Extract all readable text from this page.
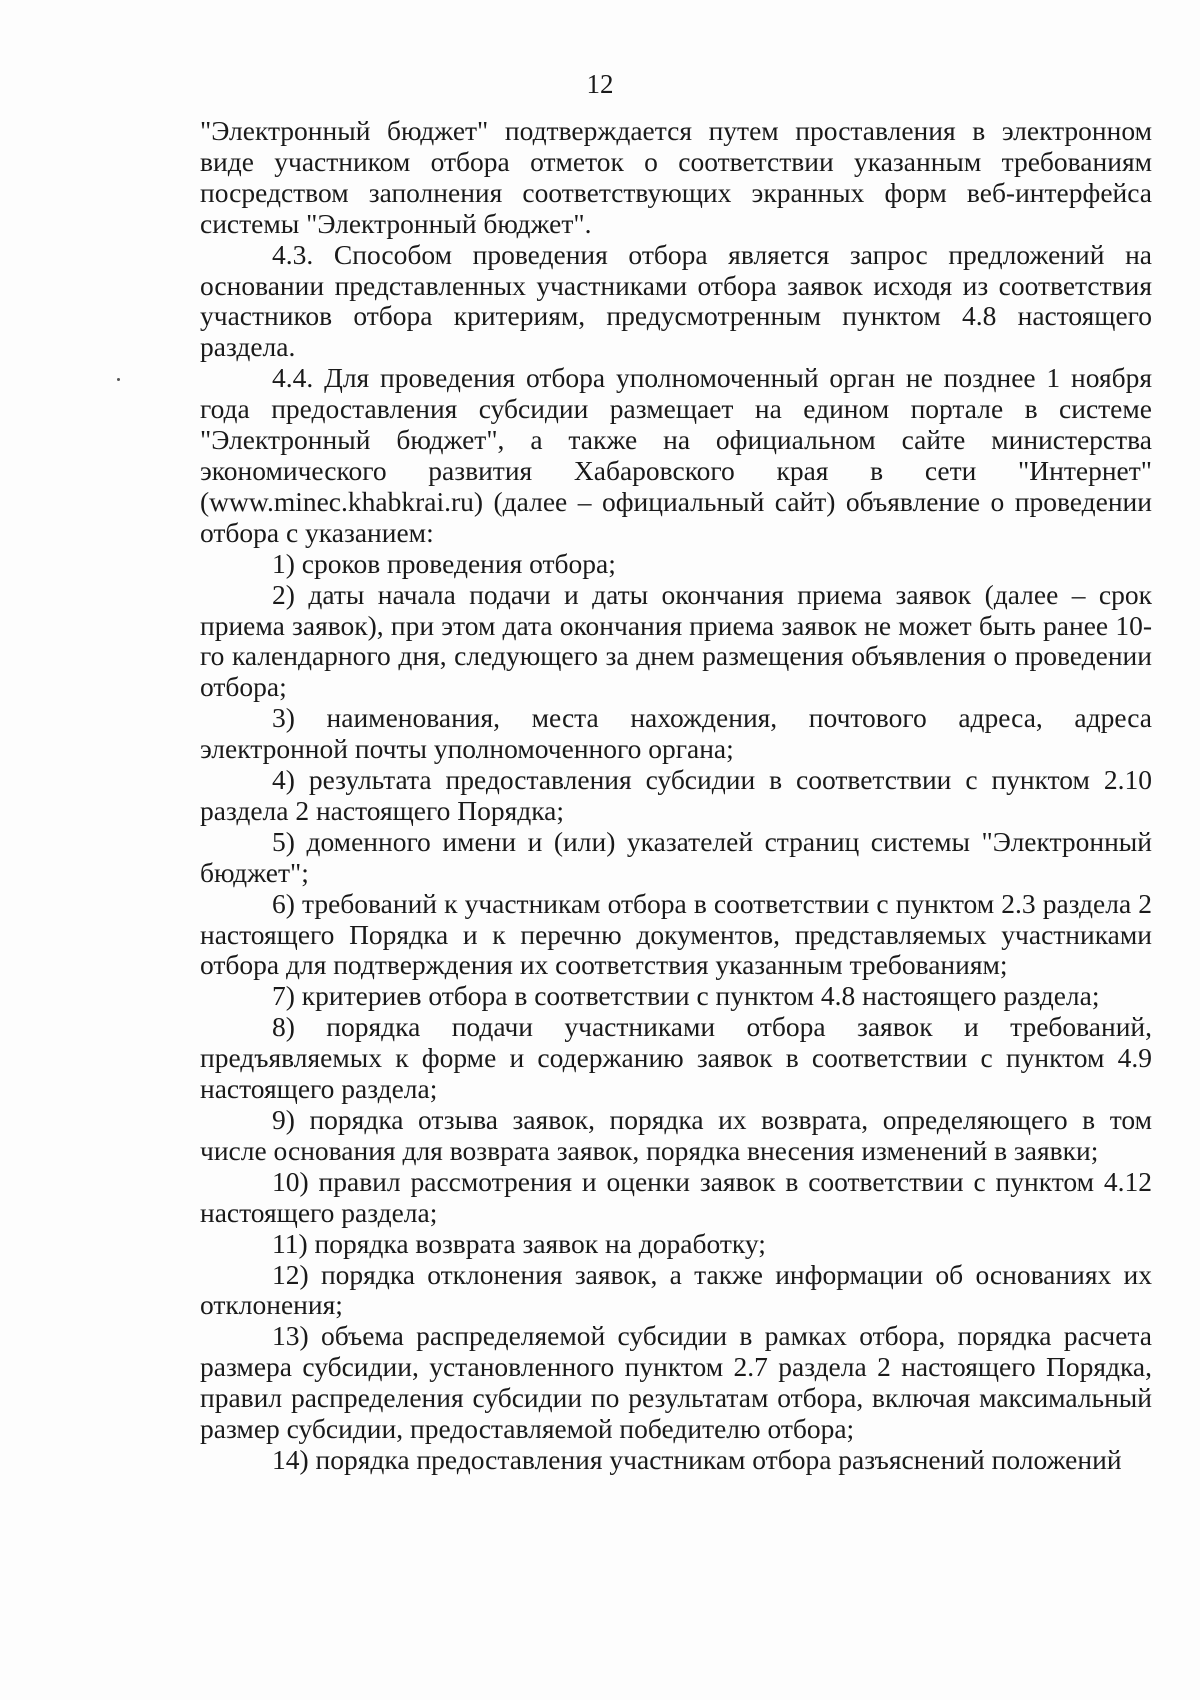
12

"Электронный бюджет" подтверждается путем проставления в электронном виде участником отбора отметок о соответствии указанным требованиям посредством заполнения соответствующих экранных форм веб-интерфейса системы "Электронный бюджет".

4.3. Способом проведения отбора является запрос предложений на основании представленных участниками отбора заявок исходя из соответствия участников отбора критериям, предусмотренным пунктом 4.8 настоящего раздела.

4.4. Для проведения отбора уполномоченный орган не позднее 1 ноября года предоставления субсидии размещает на едином портале в системе "Электронный бюджет", а также на официальном сайте министерства экономического развития Хабаровского края в сети "Интернет" (www.minec.khabkrai.ru) (далее – официальный сайт) объявление о проведении отбора с указанием:

1) сроков проведения отбора;

2) даты начала подачи и даты окончания приема заявок (далее – срок приема заявок), при этом дата окончания приема заявок не может быть ранее 10-го календарного дня, следующего за днем размещения объявления о проведении отбора;

3) наименования, места нахождения, почтового адреса, адреса электронной почты уполномоченного органа;

4) результата предоставления субсидии в соответствии с пунктом 2.10 раздела 2 настоящего Порядка;

5) доменного имени и (или) указателей страниц системы "Электронный бюджет";

6) требований к участникам отбора в соответствии с пунктом 2.3 раздела 2 настоящего Порядка и к перечню документов, представляемых участниками отбора для подтверждения их соответствия указанным требованиям;

7) критериев отбора в соответствии с пунктом 4.8 настоящего раздела;

8) порядка подачи участниками отбора заявок и требований, предъявляемых к форме и содержанию заявок в соответствии с пунктом 4.9 настоящего раздела;

9) порядка отзыва заявок, порядка их возврата, определяющего в том числе основания для возврата заявок, порядка внесения изменений в заявки;

10) правил рассмотрения и оценки заявок в соответствии с пунктом 4.12 настоящего раздела;

11) порядка возврата заявок на доработку;

12) порядка отклонения заявок, а также информации об основаниях их отклонения;

13) объема распределяемой субсидии в рамках отбора, порядка расчета размера субсидии, установленного пунктом 2.7 раздела 2 настоящего Порядка, правил распределения субсидии по результатам отбора, включая максимальный размер субсидии, предоставляемой победителю отбора;

14) порядка предоставления участникам отбора разъяснений положений
